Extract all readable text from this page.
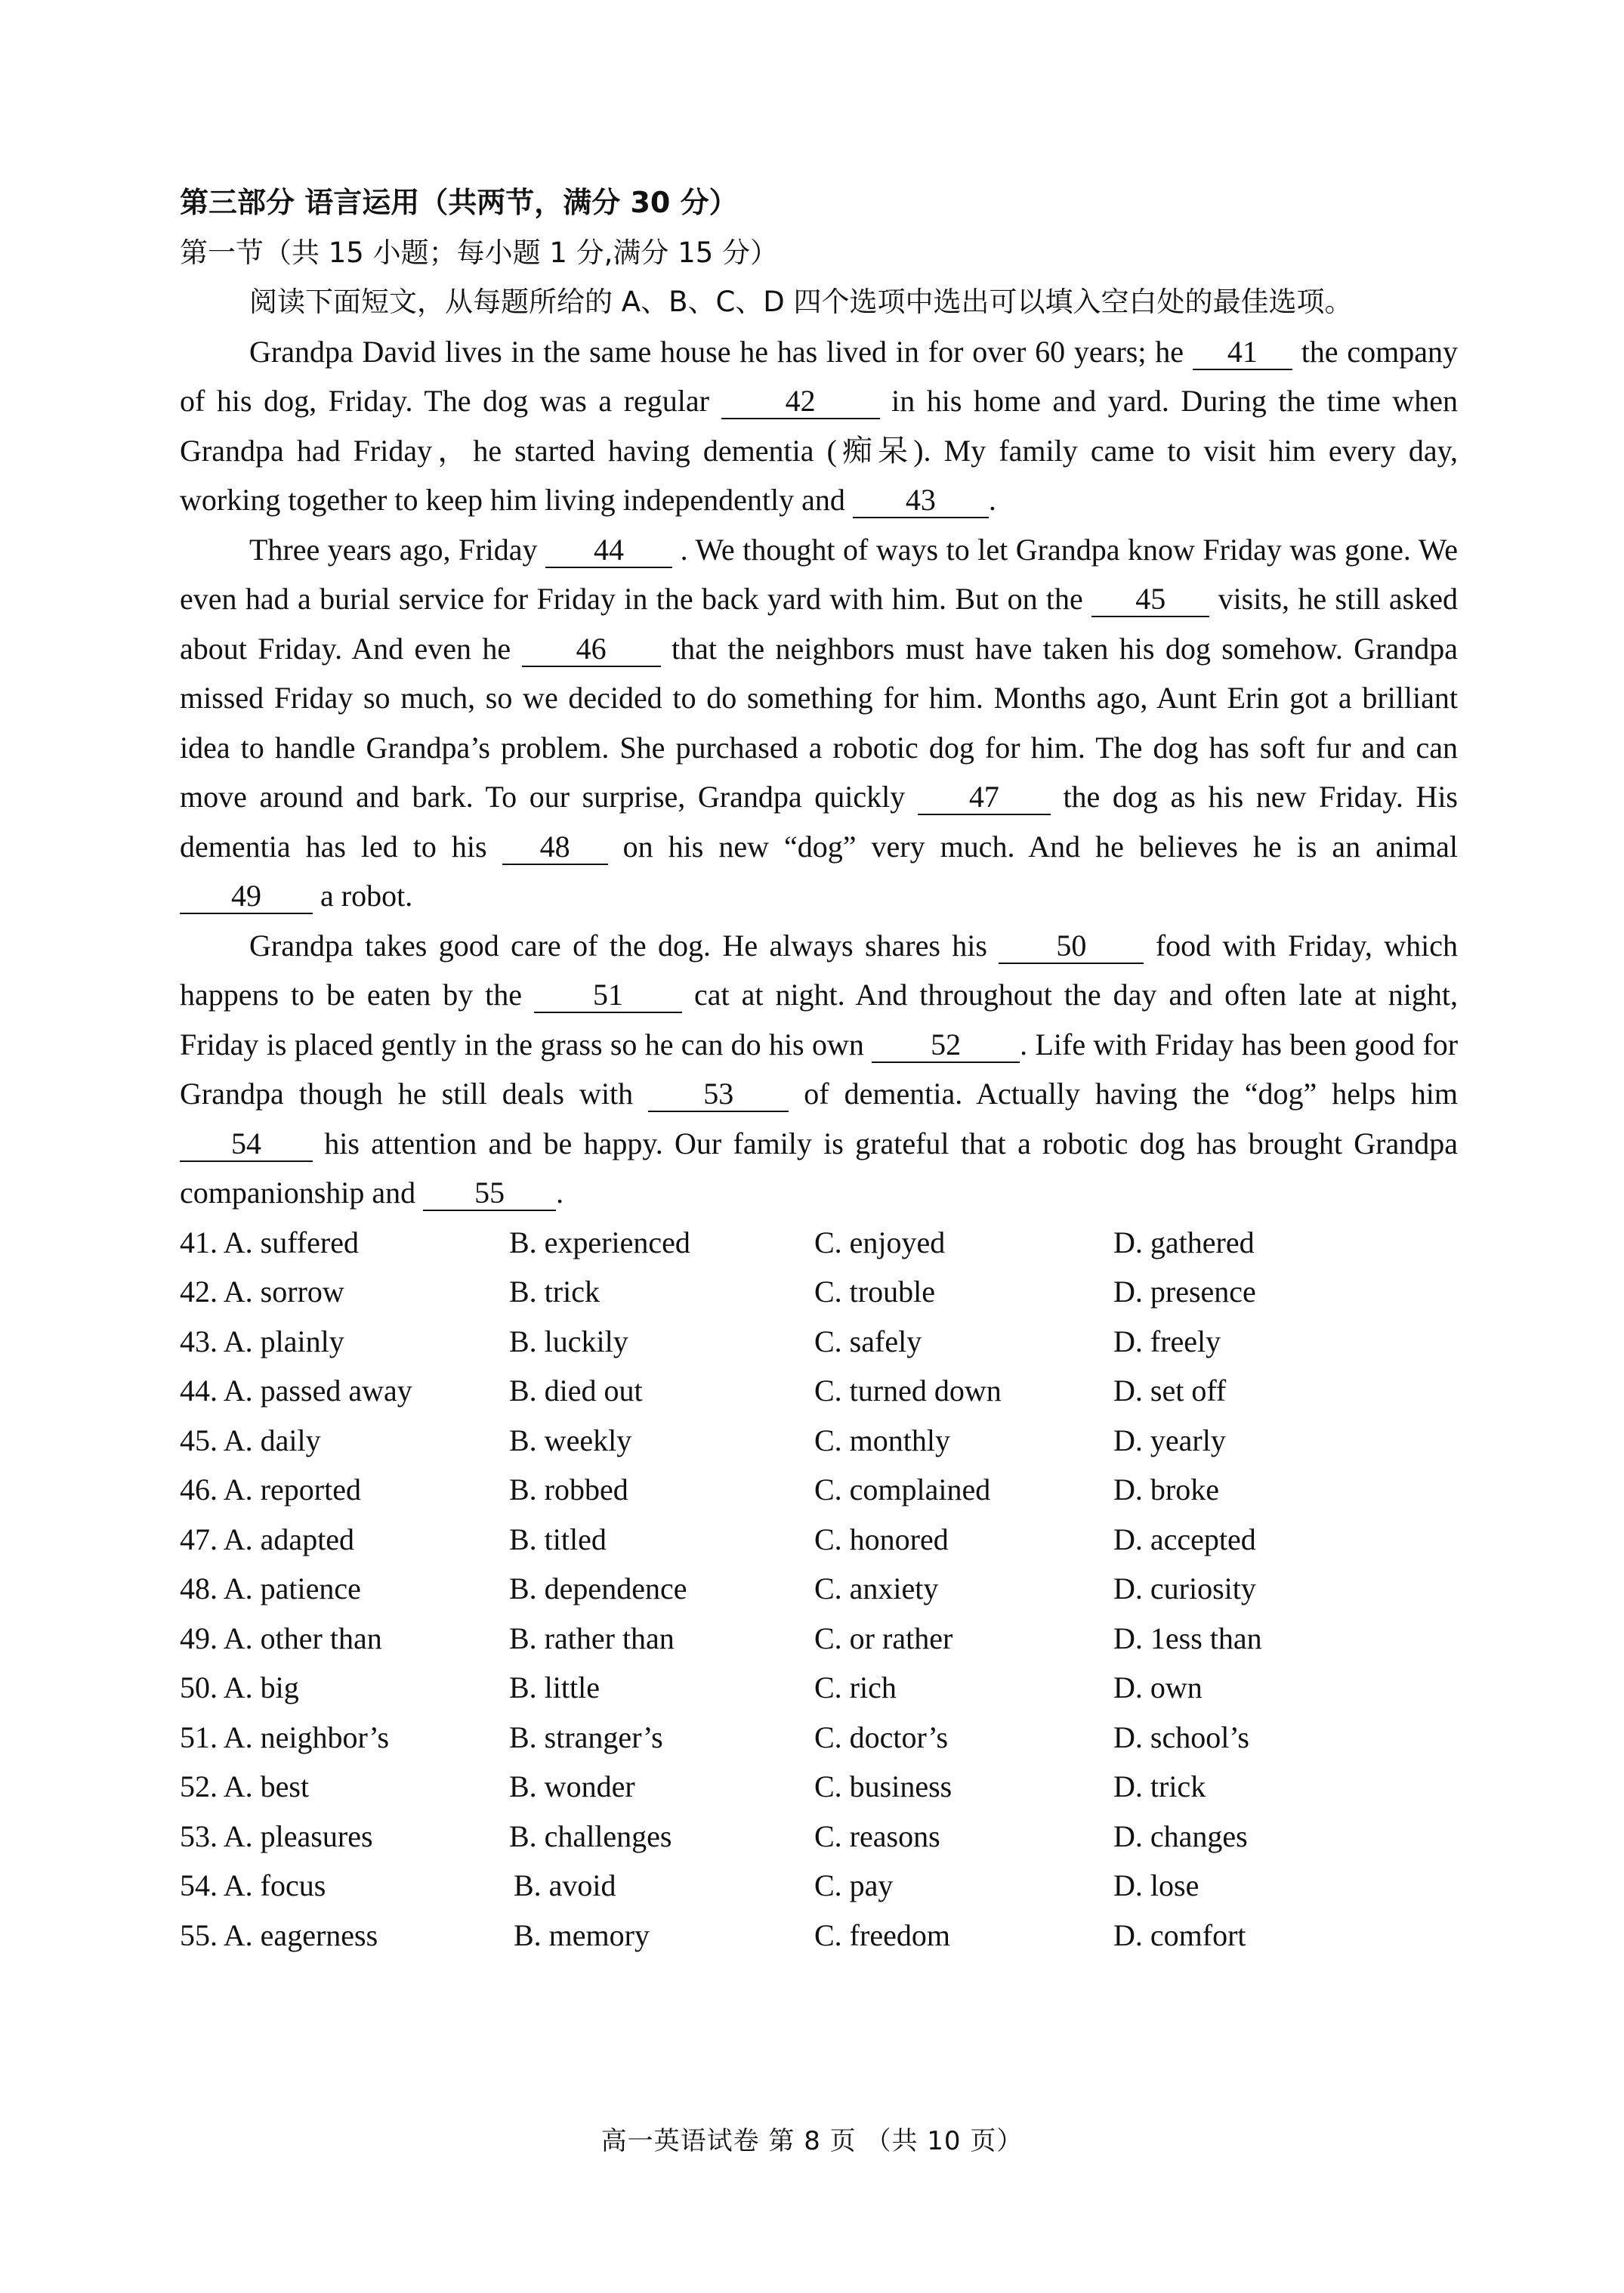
第三部分 语言运用（共两节，满分 30 分）
第一节（共 15 小题；每小题 1 分,满分 15 分）
阅读下面短文，从每题所给的 A、B、C、D 四个选项中选出可以填入空白处的最佳选项。

Grandpa David lives in the same house he has lived in for over 60 years; he 41 the company of his dog, Friday. The dog was a regular	42	in his home and yard. During the time when Grandpa had Friday，he started having dementia (痴呆). My family came to visit him every day, working together to keep him living independently and 43 .

Three years ago, Friday 44 . We thought of ways to let Grandpa know Friday was gone. We even had a burial service for Friday in the back yard with him. But on the 45 visits, he still asked about Friday. And even he 46 that the neighbors must have taken his dog somehow. Grandpa missed Friday so much, so we decided to do something for him. Months ago, Aunt Erin got a brilliant idea to handle Grandpa’s problem. She purchased a robotic dog for him. The dog has soft fur and can move around and bark. To our surprise, Grandpa quickly 47 the dog as his new Friday. His dementia has led to his 48 on his new “dog” very much. And he believes he is an animal 49 a robot.

Grandpa takes good care of the dog. He always shares his 50 food with Friday, which happens to be eaten by the 51 cat at night. And throughout the day and often late at night, Friday is placed gently in the grass so he can do his own 52 . Life with Friday has been good for Grandpa though he still deals with 53 of dementia. Actually having the “dog” helps him 54 his attention and be happy. Our family is grateful that a robotic dog has brought Grandpa companionship and 55 .

41. A. suffered	B. experienced	C. enjoyed	D. gathered
42. A. sorrow	B. trick	C. trouble	D. presence
43. A. plainly	B. luckily	C. safely	D. freely
44. A. passed away	B. died out	C. turned down	D. set off
45. A. daily	B. weekly	C. monthly	D. yearly
46. A. reported	B. robbed	C. complained	D. broke
47. A. adapted	B. titled	C. honored	D. accepted
48. A. patience	B. dependence	C. anxiety	D. curiosity
49. A. other than	B. rather than	C. or rather	D. 1ess than
50. A. big	B. little	C. rich	D. own
51. A. neighbor’s	B. stranger’s	C. doctor’s	D. school’s
52. A. best	B. wonder	C. business	D. trick
53. A. pleasures	B. challenges	C. reasons	D. changes
54. A. focus	B. avoid	C. pay	D. lose
55. A. eagerness	B. memory	C. freedom	D. comfort
高一英语试卷 第 8 页 （共 10 页）
